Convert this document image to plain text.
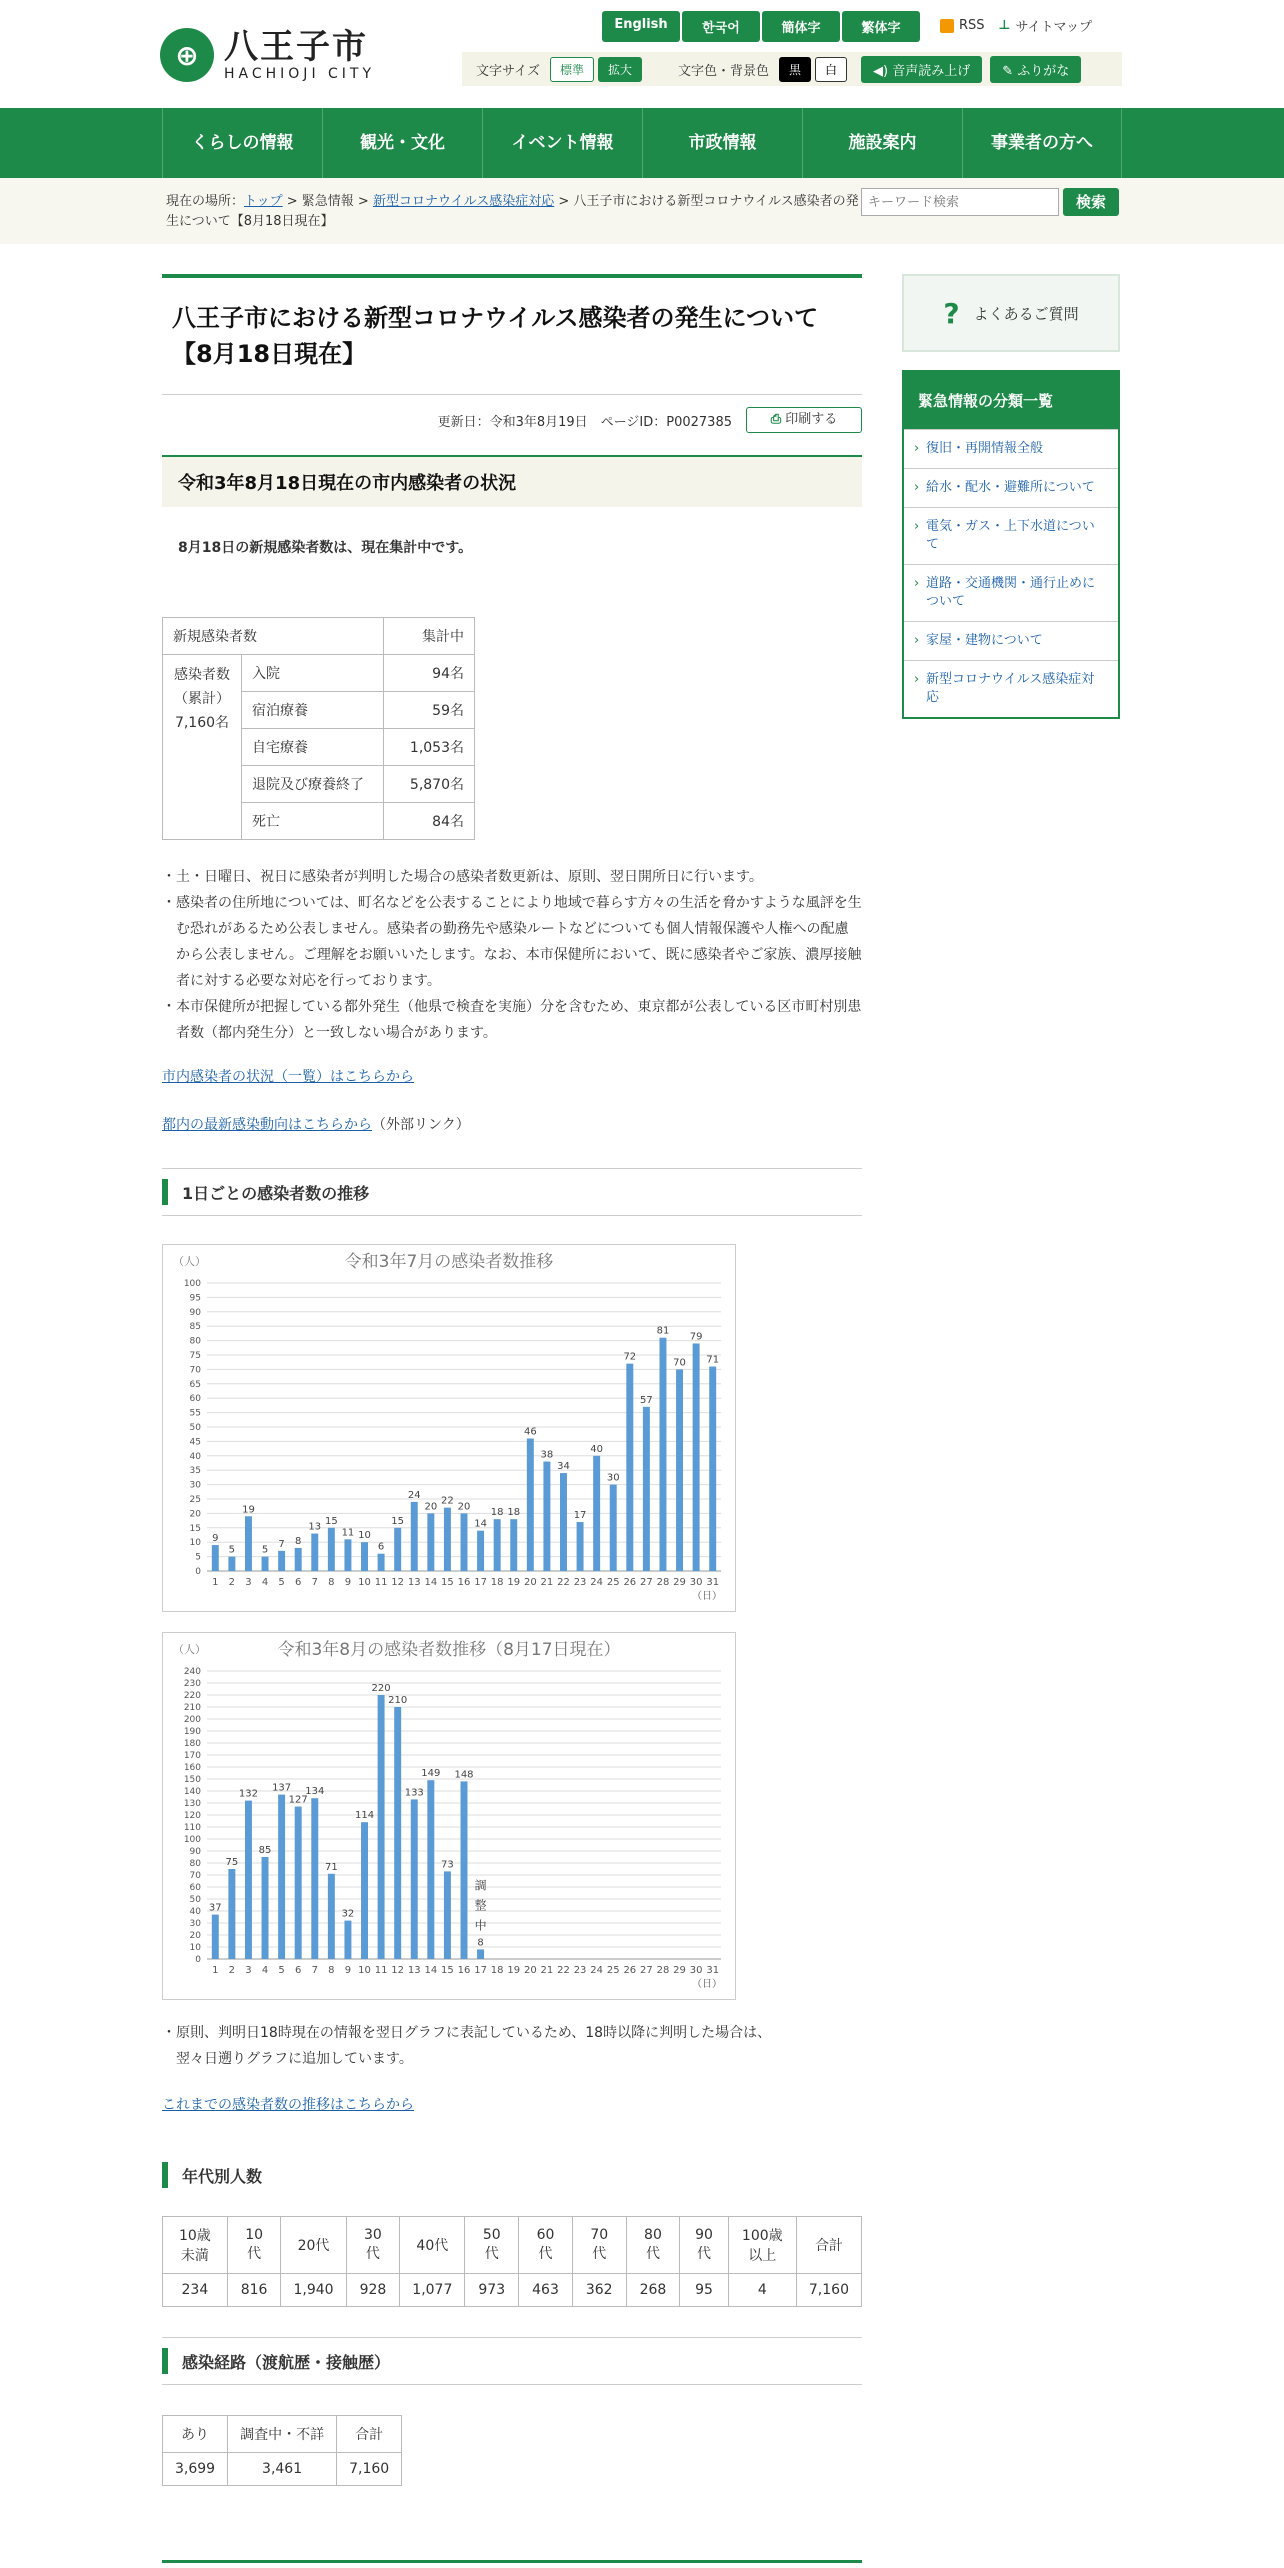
⊕ 八王子市
HACHIOJI CITY
English	한국어	簡体字	繁体字	RSS ⊥ サイトマップ
文字サイズ	標準	拡大	文字色・背景色	黒	白	◀) 音声読み上げ	✎ ふりがな
くらしの情報	観光・文化	イベント情報	市政情報	施設案内	事業者の方へ
現在の場所：トップ > 緊急情報 > 新型コロナウイルス感染症対応 > 八王子市における新型コロナウイルス感染者の発生について【8月18日現在】
キーワード検索
検索
八王子市における新型コロナウイルス感染者の発生について【8月18日現在】
更新日：令和3年8月19日　ページID：P0027385	⎙ 印刷する
令和3年8月18日現在の市内感染者の状況
8月18日の新規感染者数は、現在集計中です。
新規感染者数		集計中

感染者数
（累計）
7,160名	入院	94名
	宿泊療養	59名
	自宅療養	1,053名
	退院及び療養終了	5,870名
	死亡	84名

・土・日曜日、祝日に感染者が判明した場合の感染者数更新は、原則、翌日開所日に行います。

・感染者の住所地については、町名などを公表することにより地域で暮らす方々の生活を脅かすような風評を生む恐れがあるため公表しません。感染者の勤務先や感染ルートなどについても個人情報保護や人権への配慮から公表しません。ご理解をお願いいたします。なお、本市保健所において、既に感染者やご家族、濃厚接触者に対する必要な対応を行っております。

・本市保健所が把握している都外発生（他県で検査を実施）分を含むため、東京都が公表している区市町村別患者数（都内発生分）と一致しない場合があります。

市内感染者の状況（一覧）はこちらから
都内の最新感染動向はこちらから（外部リンク）
1日ごとの感染者数の推移
令和3年7月の感染者数推移
（人）
0
5
10
15
20
25
30
35
40
45
50
55
60
65
70
75
80
85
90
95
100
1
9
2
5
3
19
4
5
5
7
6
8
7
13
8
15
9
11
10
10
11
6
12
15
13
24
14
20
15
22
16
20
17
14
18
18
19
18
20
46
21
38
22
34
23
17
24
40
25
30
26
72
27
57
28
81
29
70
30
79
31
71
（日）
令和3年8月の感染者数推移（8月17日現在）
（人）
0
10
20
30
40
50
60
70
80
90
100
110
120
130
140
150
160
170
180
190
200
210
220
230
240
1
37
2
75
3
132
4
85
5
137
6
127
7
134
8
71
9
32
10
114
11
220
12
210
13
133
14
149
15
73
16
148
17
8
18 19 20 21 22 23 24 25 26 27 28 29 30 31
（日）
調
整
中

・原則、判明日18時現在の情報を翌日グラフに表記しているため、18時以降に判明した場合は、

翌々日遡りグラフに追加しています。

これまでの感染者数の推移はこちらから
年代別人数
10歳未満	10代	20代	30代	40代	50代	60代	70代	80代	90代	100歳以上	合計
234	816	1,940	928	1,077	973	463	362	268	95	4	7,160
感染経路（渡航歴・接触歴）
あり	調査中・不詳	合計
3,699	3,461	7,160
? よくあるご質問
緊急情報の分類一覧
› 復旧・再開情報全般
› 給水・配水・避難所について
› 電気・ガス・上下水道について
› 道路・交通機関・通行止めについて
› 家屋・建物について
› 新型コロナウイルス感染症対応
